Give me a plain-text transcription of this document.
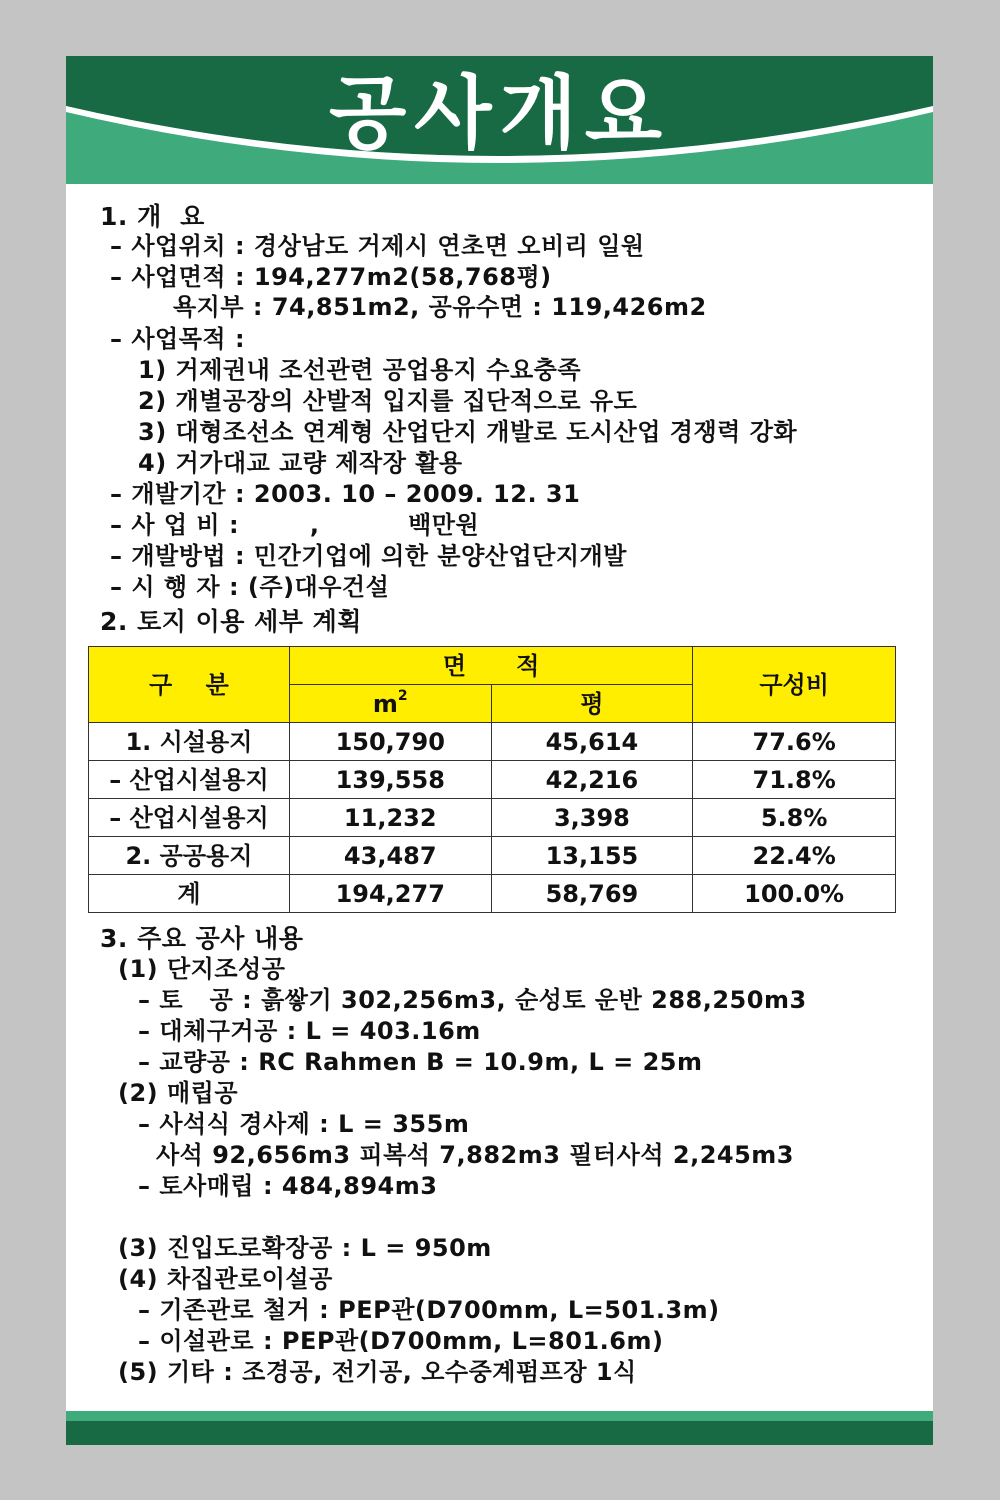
공사개요
1. 개  요
– 사업위치 : 경상남도 거제시 연초면 오비리 일원
– 사업면적 : 194,277m2(58,768평)
욕지부 : 74,851m2, 공유수면 : 119,426m2
– 사업목적 :
1) 거제권내 조선관련 공업용지 수요충족
2) 개별공장의 산발적 입지를 집단적으로 유도
3) 대형조선소 연계형 산업단지 개발로 도시산업 경쟁력 강화
4) 거가대교 교량 제작장 활용
– 개발기간 : 2003. 10 – 2009. 12. 31
– 사 업 비 :        ,          백만원
– 개발방법 : 민간기업에 의한 분양산업단지개발
– 시 행 자 : (주)대우건설
2. 토지 이용 세부 계획
구    분	면      적		구성비
	$m^2$	평	
1. 시설용지	150,790	45,614	77.6%
– 산업시설용지	139,558	42,216	71.8%
– 산업시설용지	11,232	3,398	5.8%
2. 공공용지	43,487	13,155	22.4%
계	194,277	58,769	100.0%
3. 주요 공사 내용
(1) 단지조성공
– 토   공 : 흙쌓기 302,256m3, 순성토 운반 288,250m3
– 대체구거공 : L = 403.16m
– 교량공 : RC Rahmen B = 10.9m, L = 25m
(2) 매립공
– 사석식 경사제 : L = 355m
사석 92,656m3 피복석 7,882m3 필터사석 2,245m3
– 토사매립 : 484,894m3
(3) 진입도로확장공 : L = 950m
(4) 차집관로이설공
– 기존관로 철거 : PEP관(D700mm, L=501.3m)
– 이설관로 : PEP관(D700mm, L=801.6m)
(5) 기타 : 조경공, 전기공, 오수중계펌프장 1식
